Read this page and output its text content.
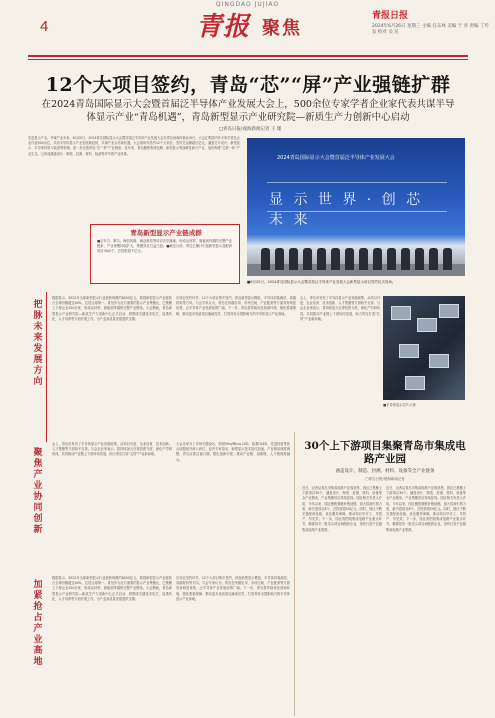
QINGDAO JUJIAO
4	青报 聚焦
青报日报
2024年6月26日 星期三 主编 任东林 美编 于 青 责编 丁传发 校对 吴 民
12个大项目签约，青岛“芯”“屏”产业强链扩群
在2024青岛国际显示大会暨首届泛半导体产业发展大会上，500余位专家学者企业家代表共谋半导体显示产业“青岛机遇”，青岛新型显示产业研究院—新质生产力创新中心启动
□青岛日报/观海新闻记者 王 瑾
先进显示产业，并谋产业未来。6月25日，2024青岛国际显示大会暨首届泛半导体产业发展大会在青岛西海岸新区举行，大会汇集国内外专家学者及企业代表500余位，共话半导体显示产业发展新趋势，共谋产业合作新机遇。大会现场共签约12个大项目，签约总金额超百亿元，涵盖芯片设计、新型显示、半导体材料与装备等领域，进一步完善青岛“芯”“屏”产业链条。近年来，青岛聚焦集成电路、新型显示等战略性新兴产业，加快构建“芯屏一体”产业生态，已形成涵盖设计、制造、封测、材料、装备等环节的产业体系。
2024青岛国际显示大会暨首届泛半导体产业发展大会
显 示 世 界 · 创 芯 未 来
■6月25日，2024青岛国际显示大会暨首届泛半导体产业发展大会新型显示项目签约仪式现场。
青岛新型显示产业链成群
■京东方、歌尔、海信视像、诚迈科技等项目先后落地，形成从材料、面板到终端的完整产业链条，产业规模持续扩大，集聚效应日益凸显。■截至目前，青岛已累计引进新型显示及配套项目30余个，总投资超千亿元。
把脉未来发展方向
聚焦产业协同创新
加紧抢占产业高地
数据显示，2023年全球新型显示行业营收规模约8000亿元，我国新型显示产业营收占全球份额超过40%，位居全球第一。青岛作为北方重要的显示产业集聚区，已集聚上下游企业100余家，形成从材料、面板到终端的完整产业链条。大会期间，青岛新型显示产业研究院—新质生产力创新中心正式启动，将围绕关键技术攻关、成果转化、人才培养等方面开展工作，为产业高质量发展提供支撑。
在项目签约环节，12个大项目集中签约，涉及新型显示模组、半导体封装测试、高端材料等方向。与会专家认为，青岛在终端应用、市场空间、产业配套等方面具有明显优势，泛半导体产业发展前景广阔。下一步，青岛将持续优化营商环境，强化要素保障，推动更多优质项目落地见效，打造具有全国影响力的半导体显示产业高地。
会上，青岛市发布了半导体显示产业发展政策，从项目引进、企业培育、技术创新、人才集聚等方面给予支持。与会企业家表示，将持续加大在青投资力度，深化产学研协同，共同推动产业链上下游协同发展，助力青岛打造“芯屏”产业新高地。
■半导体显示芯片示意
会上，青岛市发布了半导体显示产业发展政策，从项目引进、企业培育、技术创新、人才集聚等方面给予支持。与会企业家表示，将持续加大在青投资力度，深化产学研协同，共同推动产业链上下游协同发展，助力青岛打造“芯屏”产业新高地。
大会还举办了多场专题论坛，围绕Mini/Micro LED、硅基OLED、先进封装等热点话题展开深入研讨。业内专家指出，新型显示技术迭代加速，产业格局深度调整，青岛应抓住窗口期，强化创新引领，推动产业链、创新链、人才链深度融合。
数据显示，2023年全球新型显示行业营收规模约8000亿元，我国新型显示产业营收占全球份额超过40%，位居全球第一。青岛作为北方重要的显示产业集聚区，已集聚上下游企业100余家，形成从材料、面板到终端的完整产业链条。大会期间，青岛新型显示产业研究院—新质生产力创新中心正式启动，将围绕关键技术攻关、成果转化、人才培养等方面开展工作，为产业高质量发展提供支撑。
在项目签约环节，12个大项目集中签约，涉及新型显示模组、半导体封装测试、高端材料等方向。与会专家认为，青岛在终端应用、市场空间、产业配套等方面具有明显优势，泛半导体产业发展前景广阔。下一步，青岛将持续优化营商环境，强化要素保障，推动更多优质项目落地见效，打造具有全国影响力的半导体显示产业高地。
30个上下游项目集聚青岛市集成电路产业园
涵盖设计、制造、封测、材料、设备等全产业链条
□青岛日报/观海新闻记者
近日，记者从青岛市集成电路产业园获悉，园区已集聚上下游项目30个，涵盖设计、制造、封测、材料、设备等全产业链条，产业集聚效应持续显现。园区相关负责人介绍，今年以来，园区聚焦强链补链延链，加大招商引资力度，新引进项目8个，总投资超50亿元。同时，园区不断完善配套设施，优化服务保障，推动项目早开工、早投产、早见效。下一步，园区将围绕集成电路产业重点环节，精准招引一批龙头项目和配套企业，加快打造千亿级集成电路产业集群。
近日，记者从青岛市集成电路产业园获悉，园区已集聚上下游项目30个，涵盖设计、制造、封测、材料、设备等全产业链条，产业集聚效应持续显现。园区相关负责人介绍，今年以来，园区聚焦强链补链延链，加大招商引资力度，新引进项目8个，总投资超50亿元。同时，园区不断完善配套设施，优化服务保障，推动项目早开工、早投产、早见效。下一步，园区将围绕集成电路产业重点环节，精准招引一批龙头项目和配套企业，加快打造千亿级集成电路产业集群。
